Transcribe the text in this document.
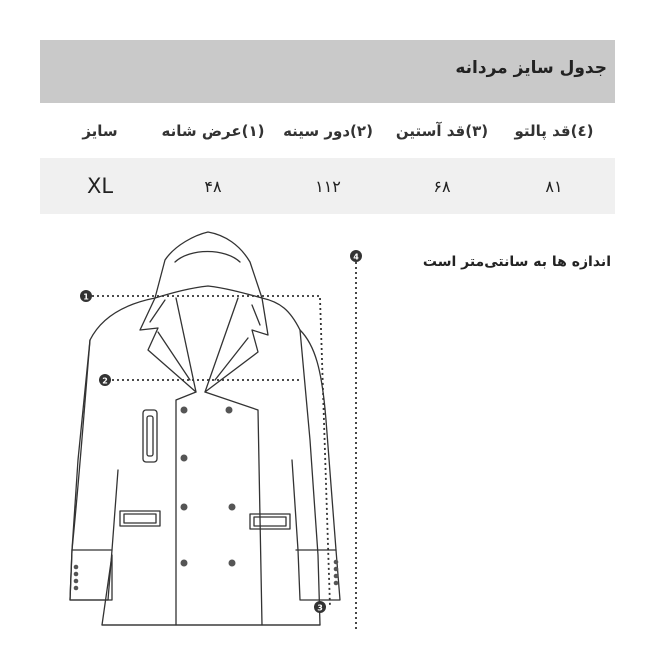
جدول سایز مردانه
سایز	(۱)عرض شانه	(۲)دور سینه	(۳)قد آستین	(٤)قد پالتو
XL	۴۸	۱۱۲	۶۸	۸۱
اندازه ها به سانتی‌متر است
1
2
3
4
